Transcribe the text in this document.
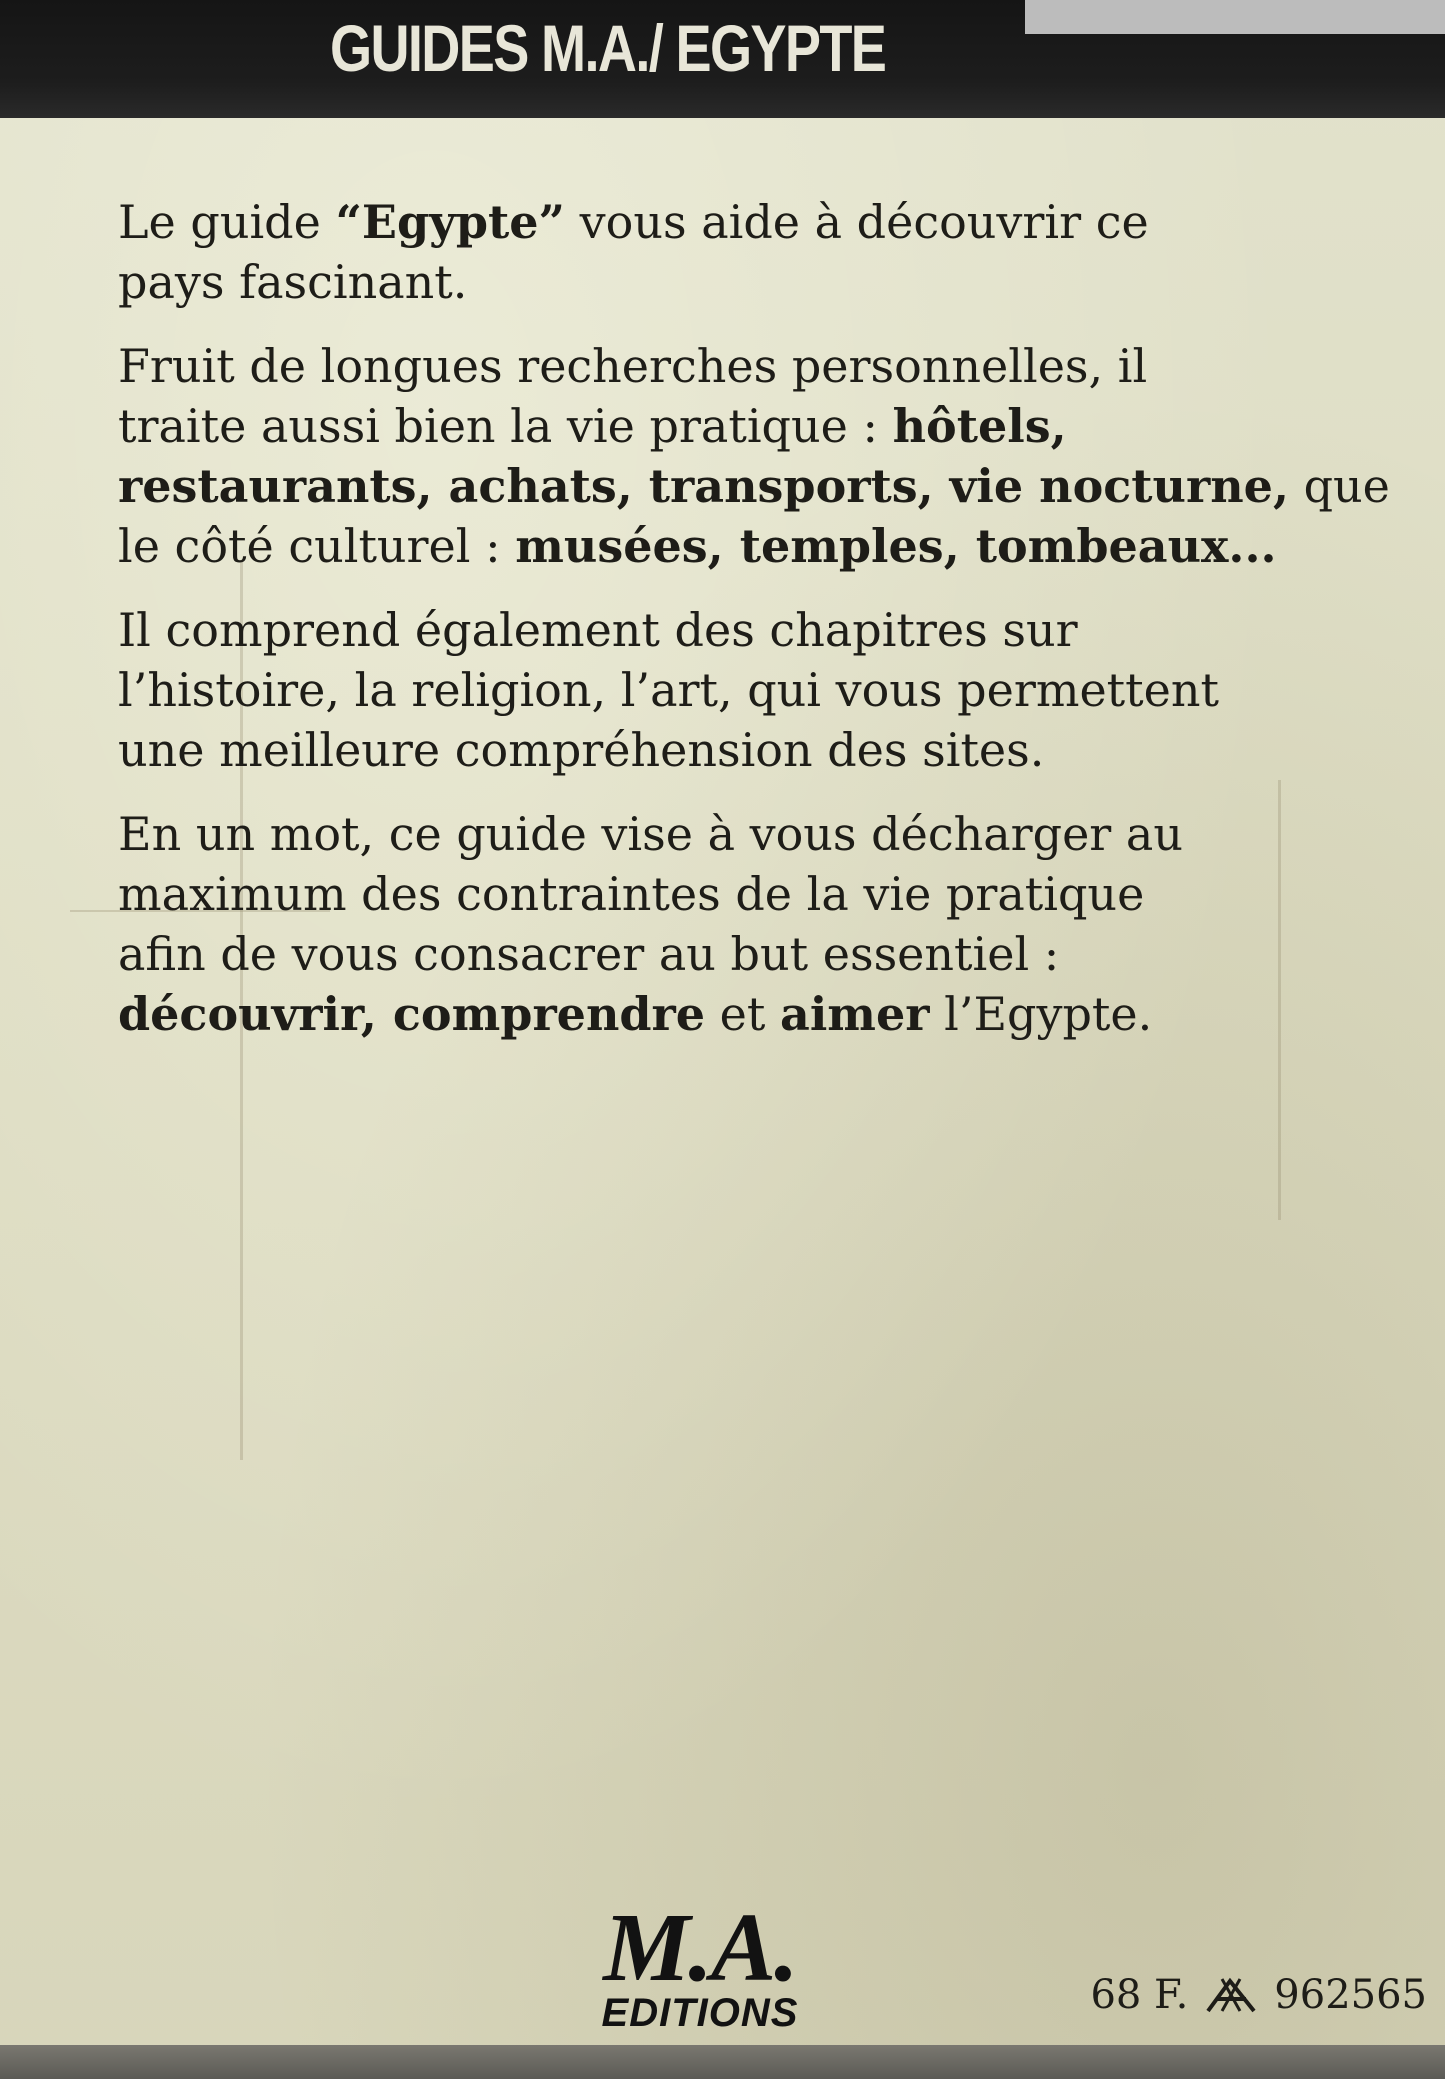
GUIDES M.A./ EGYPTE

Le guide “Egypte” vous aide à découvrir ce
pays fascinant.

Fruit de longues recherches personnelles, il
traite aussi bien la vie pratique : hôtels,
restaurants, achats, transports, vie nocturne, que
le côté culturel : musées, temples, tombeaux...

Il comprend également des chapitres sur
l’histoire, la religion, l’art, qui vous permettent
une meilleure compréhension des sites.

En un mot, ce guide vise à vous décharger au
maximum des contraintes de la vie pratique
afin de vous consacrer au but essentiel :
découvrir, comprendre et aimer l’Egypte.

M.A.
EDITIONS	68 F. 962565
